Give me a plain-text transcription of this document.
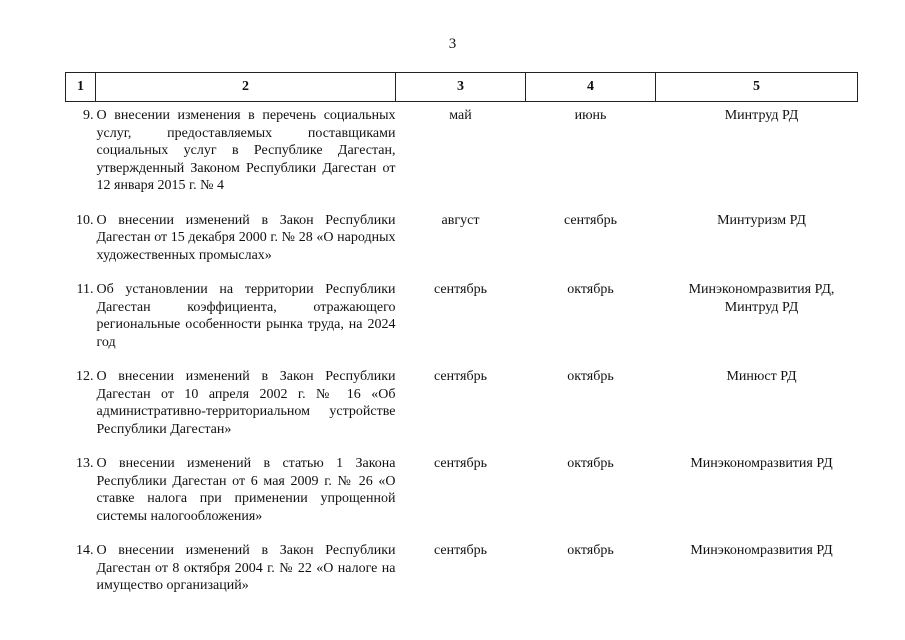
3
1	2	3	4	5
9.	О внесении изменения в перечень социальных услуг, предоставляемых поставщиками социальных услуг в Республике Дагестан, утвержденный Законом Республики Дагестан от 12 января 2015 г. № 4	май	июнь	Минтруд РД
10.	О внесении изменений в Закон Республики Дагестан от 15 декабря 2000 г. № 28 «О народных художественных промыслах»	август	сентябрь	Минтуризм РД
11.	Об установлении на территории Республики Дагестан коэффициента, отражающего региональные особенности рынка труда, на 2024 год	сентябрь	октябрь	Минэкономразвития РД, Минтруд РД
12.	О внесении изменений в Закон Республики Дагестан от 10 апреля 2002 г. № 16 «Об административно-территориальном устройстве Республики Дагестан»	сентябрь	октябрь	Минюст РД
13.	О внесении изменений в статью 1 Закона Республики Дагестан от 6 мая 2009 г. № 26 «О ставке налога при применении упрощенной системы налогообложения»	сентябрь	октябрь	Минэкономразвития РД
14.	О внесении изменений в Закон Республики Дагестан от 8 октября 2004 г. № 22 «О налоге на имущество организаций»	сентябрь	октябрь	Минэкономразвития РД
